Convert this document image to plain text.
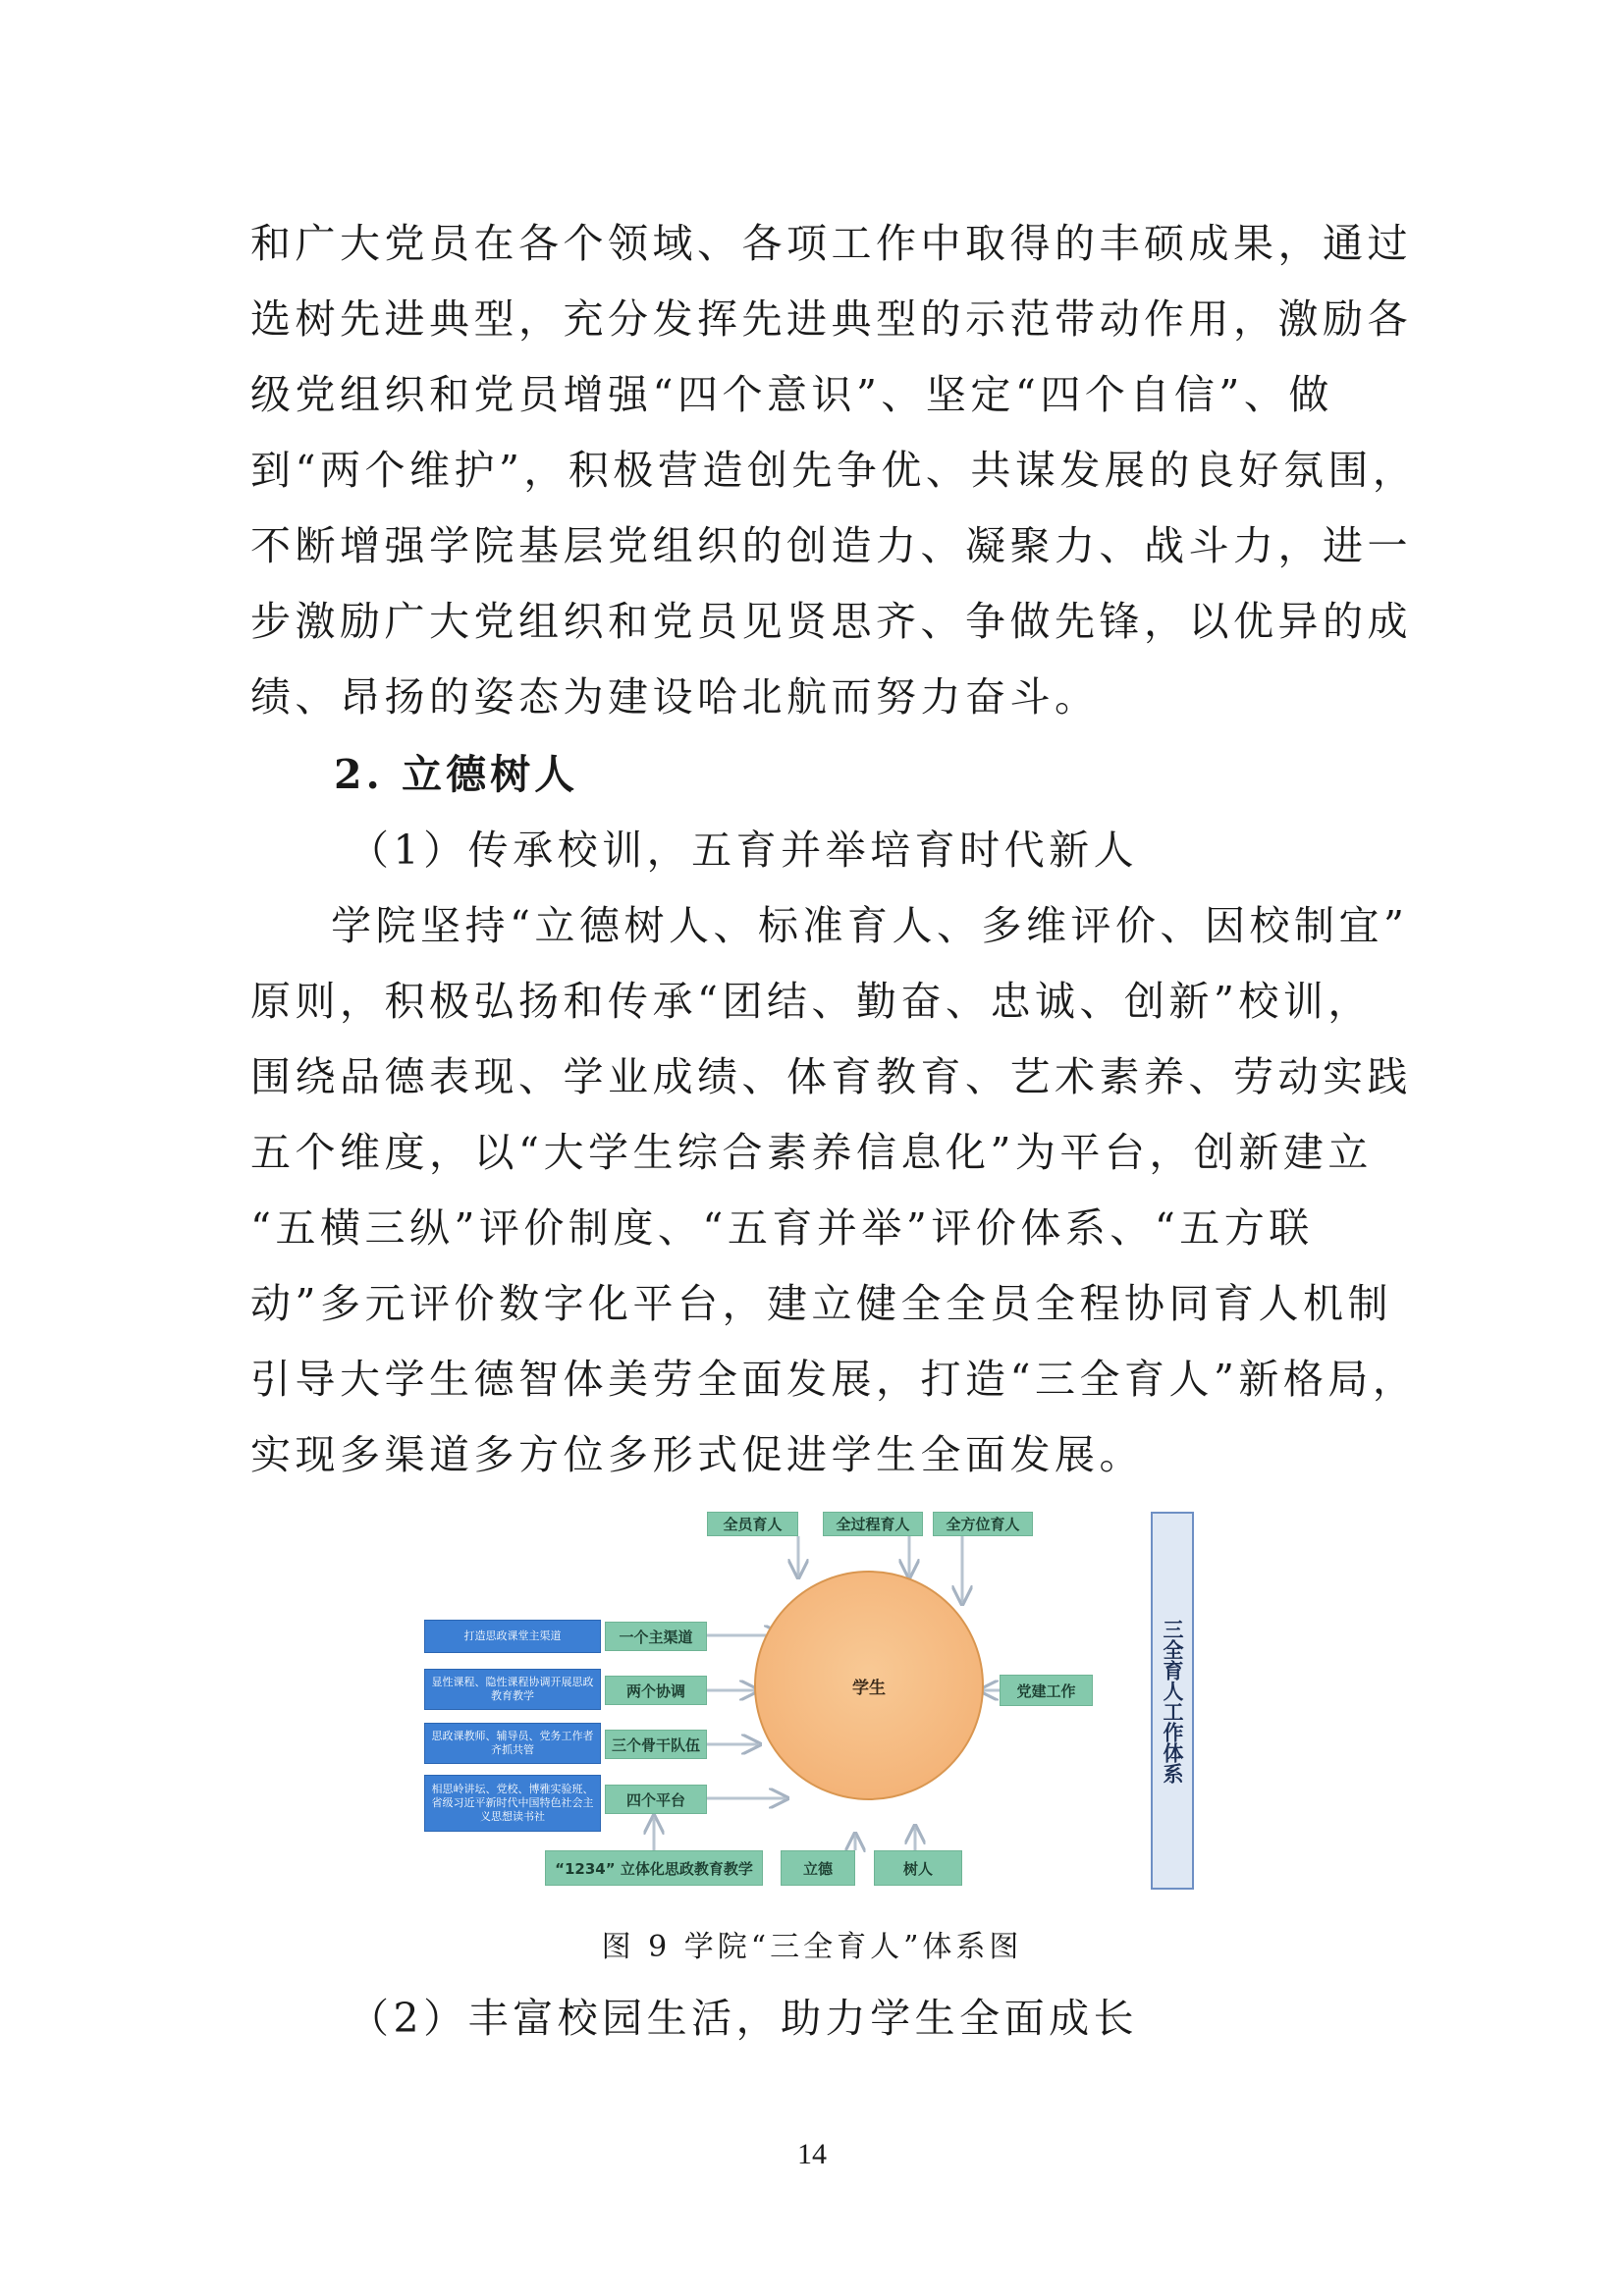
和广大党员在各个领域、各项工作中取得的丰硕成果，通过
选树先进典型，充分发挥先进典型的示范带动作用，激励各
级党组织和党员增强“四个意识”、坚定“四个自信”、做
到“两个维护”，积极营造创先争优、共谋发展的良好氛围，
不断增强学院基层党组织的创造力、凝聚力、战斗力，进一
步激励广大党组织和党员见贤思齐、争做先锋，以优异的成
绩、昂扬的姿态为建设哈北航而努力奋斗。

2. 立德树人
（1）传承校训，五育并举培育时代新人

学院坚持“立德树人、标准育人、多维评价、因校制宜”
原则，积极弘扬和传承“团结、勤奋、忠诚、创新”校训，
围绕品德表现、学业成绩、体育教育、艺术素养、劳动实践
五个维度，以“大学生综合素养信息化”为平台，创新建立
“五横三纵”评价制度、“五育并举”评价体系、“五方联
动”多元评价数字化平台，建立健全全员全程协同育人机制
引导大学生德智体美劳全面发展，打造“三全育人”新格局，
实现多渠道多方位多形式促进学生全面发展。

全员育人	全过程育人	全方位育人
打造思政课堂主渠道
显性课程、隐性课程协调开展思政教育教学
思政课教师、辅导员、党务工作者齐抓共管
相思岭讲坛、党校、博雅实验班、省级习近平新时代中国特色社会主义思想读书社
一个主渠道
两个协调
三个骨干队伍
四个平台
学生	党建工作
“1234” 立体化思政教育教学	立德	树人
三全育人工作体系
图 9 学院“三全育人”体系图
（2）丰富校园生活，助力学生全面成长
14
